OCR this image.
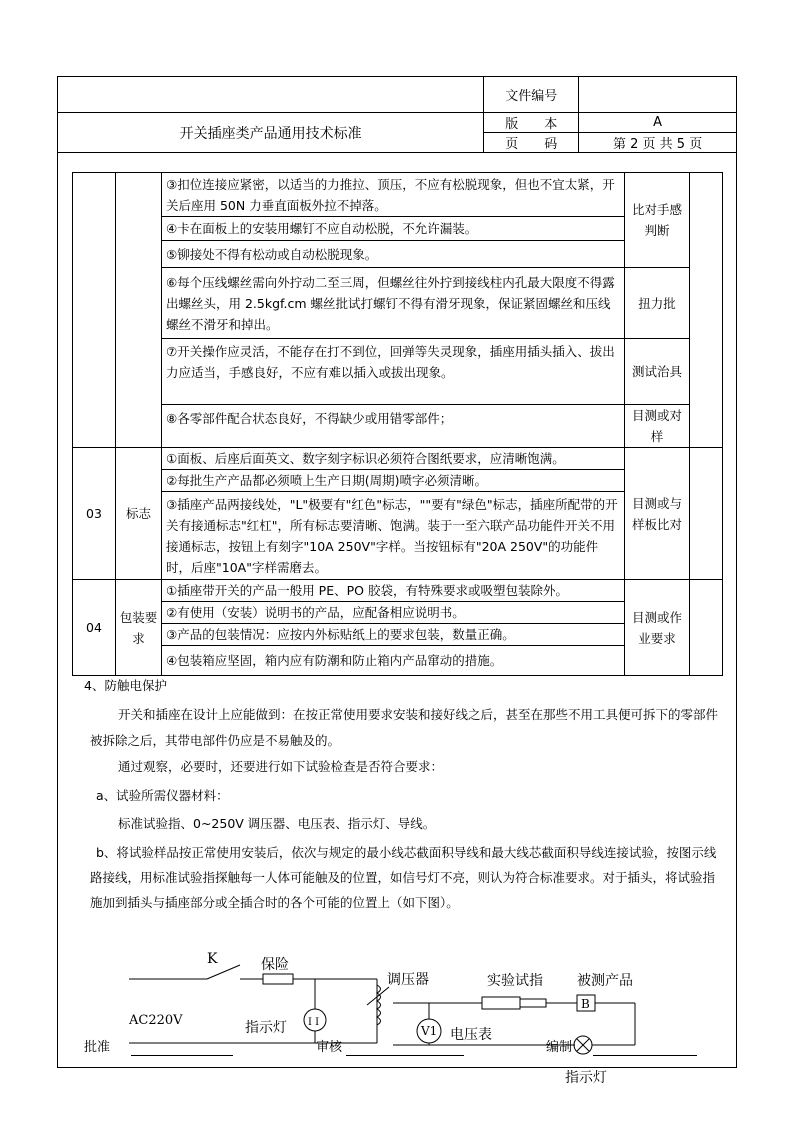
	文件编号	
开关插座类产品通用技术标准	版　　本	A
	页　　码	第 2 页 共 5 页
		③扣位连接应紧密，以适当的力推拉、顶压，不应有松脱现象，但也不宜太紧，开关后座用 50N 力垂直面板外拉不掉落。	比对手感判断	
		④卡在面板上的安装用螺钉不应自动松脱，不允许漏装。		
		⑤铆接处不得有松动或自动松脱现象。		
		⑥每个压线螺丝需向外拧动二至三周，但螺丝往外拧到接线柱内孔最大限度不得露出螺丝头，用 2.5kgf.cm 螺丝批试打螺钉不得有滑牙现象，保证紧固螺丝和压线螺丝不滑牙和掉出。	扭力批	
		⑦开关操作应灵活，不能存在打不到位，回弹等失灵现象，插座用插头插入、拔出力应适当，手感良好，不应有难以插入或拔出现象。	测试治具	
		⑧各零部件配合状态良好，不得缺少或用错零部件；	目测或对样	
03	标志	①面板、后座后面英文、数字刻字标识必须符合图纸要求，应清晰饱满。	目测或与样板比对	
		②每批生产产品都必须喷上生产日期(周期)喷字必须清晰。		
		③插座产品两接线处，"L"极要有"红色"标志，""要有"绿色"标志，插座所配带的开关有接通标志"红杠"，所有标志要清晰、饱满。装于一至六联产品功能件开关不用接通标志，按钮上有刻字"10A 250V"字样。当按钮标有"20A 250V"的功能件时，后座"10A"字样需磨去。		
04	包装要求	①插座带开关的产品一般用 PE、PO 胶袋，有特殊要求或吸塑包装除外。	目测或作业要求	
		②有使用（安装）说明书的产品，应配备相应说明书。		
		③产品的包装情况：应按内外标贴纸上的要求包装，数量正确。		
		④包装箱应坚固，箱内应有防潮和防止箱内产品窜动的措施。		
4、防触电保护
开关和插座在设计上应能做到：在按正常使用要求安装和接好线之后，甚至在那些不用工具便可拆下的零部件被拆除之后，其带电部件仍应是不易触及的。
通过观察，必要时，还要进行如下试验检查是否符合要求：
a、试验所需仪器材料：
标准试验指、0~250V 调压器、电压表、指示灯、导线。
b、将试验样品按正常使用安装后，依次与规定的最小线芯截面积导线和最大线芯截面积导线连接试验，按图示线路接线，用标准试验指探触每一人体可能触及的位置，如信号灯不亮，则认为符合标准要求。对于插头，将试验指施加到插头与插座部分或全插合时的各个可能的位置上（如下图）。
K	保险
调压器	实验试指 被测产品
AC220V	指示灯 I I
V1 电压表
B
批准	审核	编制
指示灯
